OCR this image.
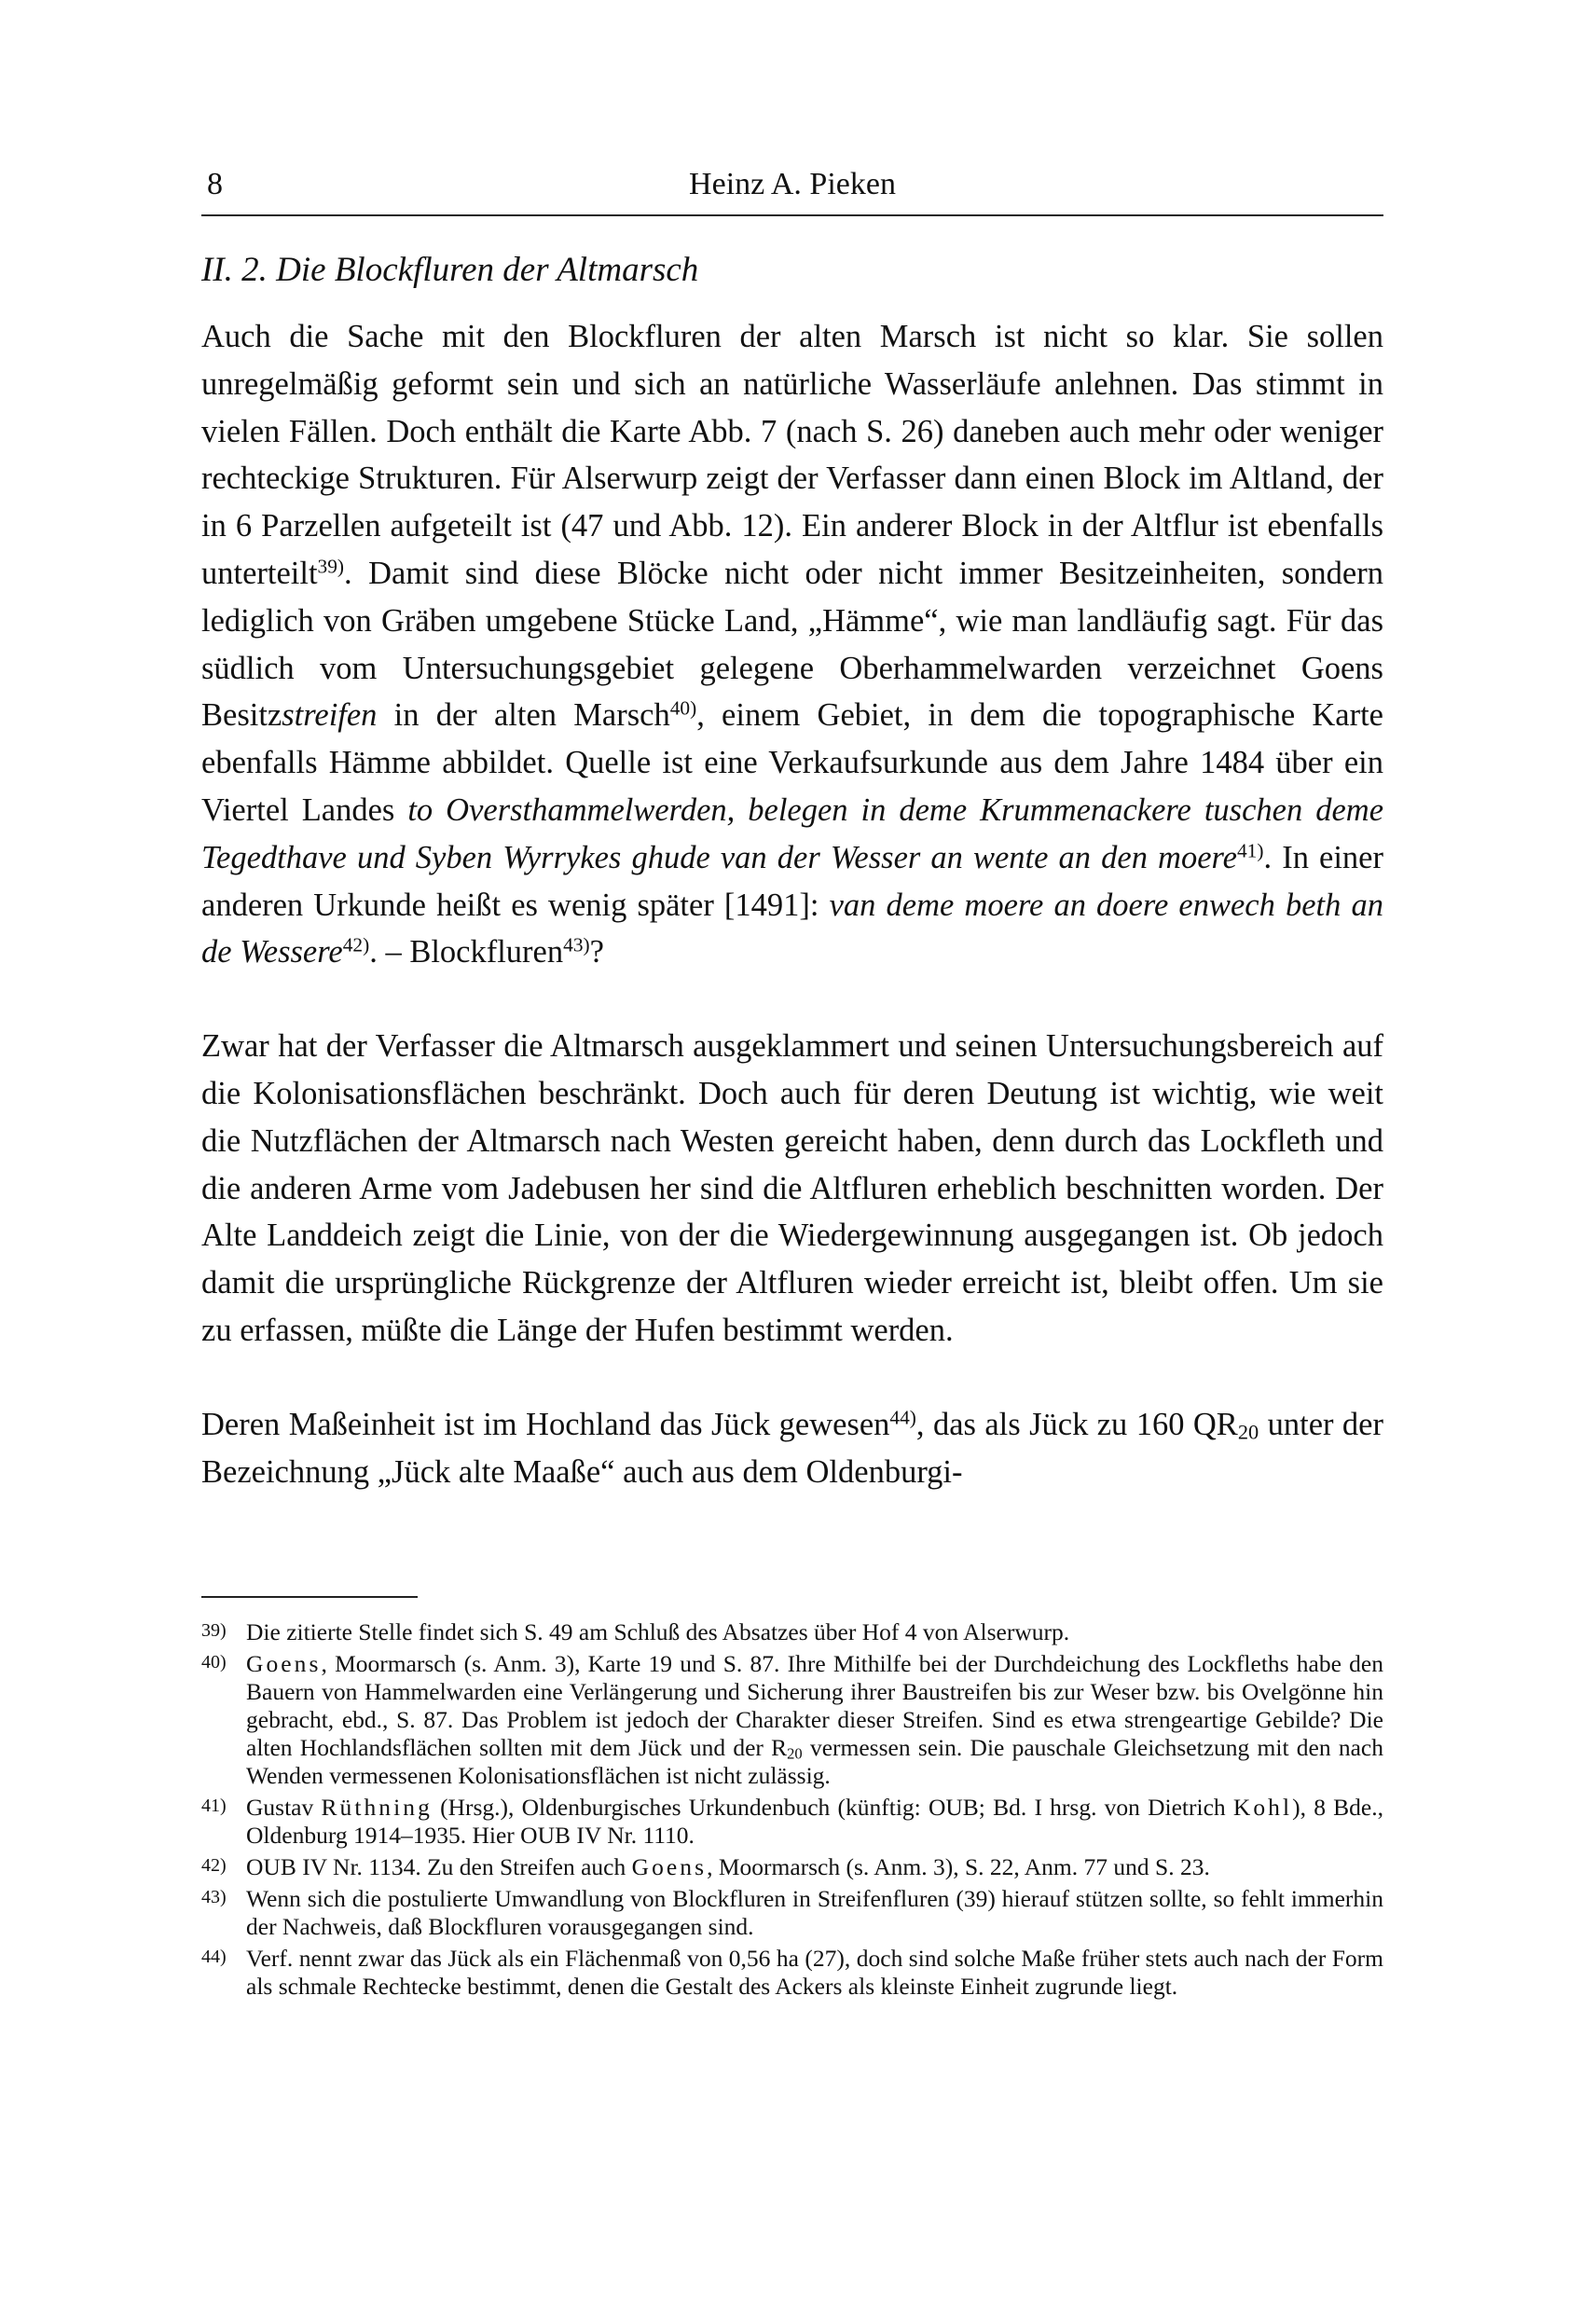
8	Heinz A. Pieken
II. 2. Die Blockfluren der Altmarsch

Auch die Sache mit den Blockfluren der alten Marsch ist nicht so klar. Sie sollen unregelmäßig geformt sein und sich an natürliche Wasserläufe anlehnen. Das stimmt in vielen Fällen. Doch enthält die Karte Abb. 7 (nach S. 26) daneben auch mehr oder weniger rechteckige Strukturen. Für Alserwurp zeigt der Verfasser dann einen Block im Altland, der in 6 Parzellen aufgeteilt ist (47 und Abb. 12). Ein anderer Block in der Altflur ist ebenfalls unterteilt$^{39)}$. Damit sind diese Blöcke nicht oder nicht immer Besitzeinheiten, sondern lediglich von Gräben umgebene Stücke Land, „Hämme“, wie man landläufig sagt. Für das südlich vom Untersuchungsgebiet gelegene Oberhammelwarden verzeichnet Goens Besitzstreifen in der alten Marsch$^{40)}$, einem Gebiet, in dem die topographische Karte ebenfalls Hämme abbildet. Quelle ist eine Verkaufsurkunde aus dem Jahre 1484 über ein Viertel Landes to Oversthammelwerden, belegen in deme Krummenackere tuschen deme Tegedthave und Syben Wyrrykes ghude van der Wesser an wente an den moere$^{41)}$. In einer anderen Urkunde heißt es wenig später [1491]: van deme moere an doere enwech beth an de Wessere$^{42)}$. – Blockfluren$^{43)}$?

Zwar hat der Verfasser die Altmarsch ausgeklammert und seinen Untersuchungsbereich auf die Kolonisationsflächen beschränkt. Doch auch für deren Deutung ist wichtig, wie weit die Nutzflächen der Altmarsch nach Westen gereicht haben, denn durch das Lockfleth und die anderen Arme vom Jadebusen her sind die Altfluren erheblich beschnitten worden. Der Alte Landdeich zeigt die Linie, von der die Wiedergewinnung ausgegangen ist. Ob jedoch damit die ursprüngliche Rückgrenze der Altfluren wieder erreicht ist, bleibt offen. Um sie zu erfassen, müßte die Länge der Hufen bestimmt werden.

Deren Maßeinheit ist im Hochland das Jück gewesen$^{44)}$, das als Jück zu 160 $QR_{20}$ unter der Bezeichnung „Jück alte Maaße“ auch aus dem Oldenburgi-

39) Die zitierte Stelle findet sich S. 49 am Schluß des Absatzes über Hof 4 von Alserwurp.
40) Goens, Moormarsch (s. Anm. 3), Karte 19 und S. 87. Ihre Mithilfe bei der Durchdeichung des Lockfleths habe den Bauern von Hammelwarden eine Verlängerung und Sicherung ihrer Baustreifen bis zur Weser bzw. bis Ovelgönne hin gebracht, ebd., S. 87. Das Problem ist jedoch der Charakter dieser Streifen. Sind es etwa strengeartige Gebilde? Die alten Hochlandsflächen sollten mit dem Jück und der $R_{20}$ vermessen sein. Die pauschale Gleichsetzung mit den nach Wenden vermessenen Kolonisationsflächen ist nicht zulässig.
41) Gustav Rüthning (Hrsg.), Oldenburgisches Urkundenbuch (künftig: OUB; Bd. I hrsg. von Dietrich Kohl), 8 Bde., Oldenburg 1914–1935. Hier OUB IV Nr. 1110.
42) OUB IV Nr. 1134. Zu den Streifen auch Goens, Moormarsch (s. Anm. 3), S. 22, Anm. 77 und S. 23.
43) Wenn sich die postulierte Umwandlung von Blockfluren in Streifenfluren (39) hierauf stützen sollte, so fehlt immerhin der Nachweis, daß Blockfluren vorausgegangen sind.
44) Verf. nennt zwar das Jück als ein Flächenmaß von 0,56 ha (27), doch sind solche Maße früher stets auch nach der Form als schmale Rechtecke bestimmt, denen die Gestalt des Ackers als kleinste Einheit zugrunde liegt.
